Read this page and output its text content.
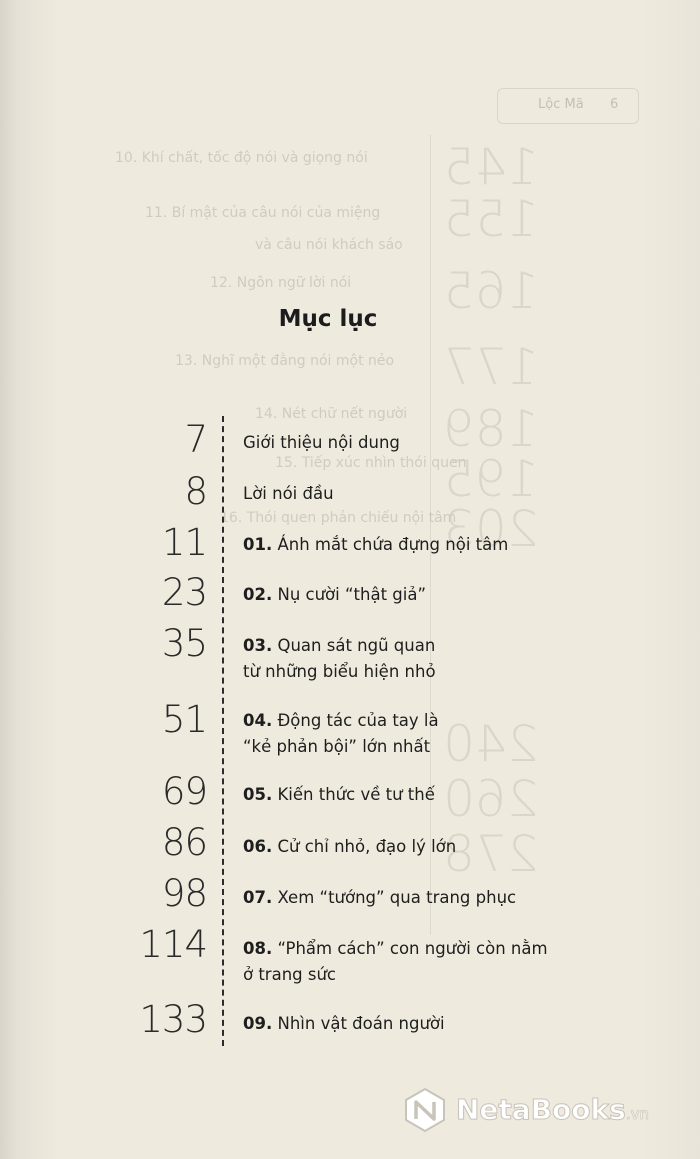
6
Lộc Mã
10. Khí chất, tốc độ nói và giọng nói
11. Bí mật của câu nói của miệng
và câu nói khách sáo
12. Ngôn ngữ lời nói
13. Nghĩ một đằng nói một nẻo
14. Nét chữ nết người
15. Tiếp xúc nhìn thói quen
16. Thói quen phản chiếu nội tâm
145
155
165
177
189
195
203
240
260
278
Mục lục
7 Giới thiệu nội dung
8 Lời nói đầu
11 01. Ánh mắt chứa đựng nội tâm
23 02. Nụ cười “thật giả”
35 03. Quan sát ngũ quan
từ những biểu hiện nhỏ
51 04. Động tác của tay là
“kẻ phản bội” lớn nhất
69 05. Kiến thức về tư thế
86 06. Cử chỉ nhỏ, đạo lý lớn
98 07. Xem “tướng” qua trang phục
114 08. “Phẩm cách” con người còn nằm
ở trang sức
133 09. Nhìn vật đoán người
NetaBooks.vn
